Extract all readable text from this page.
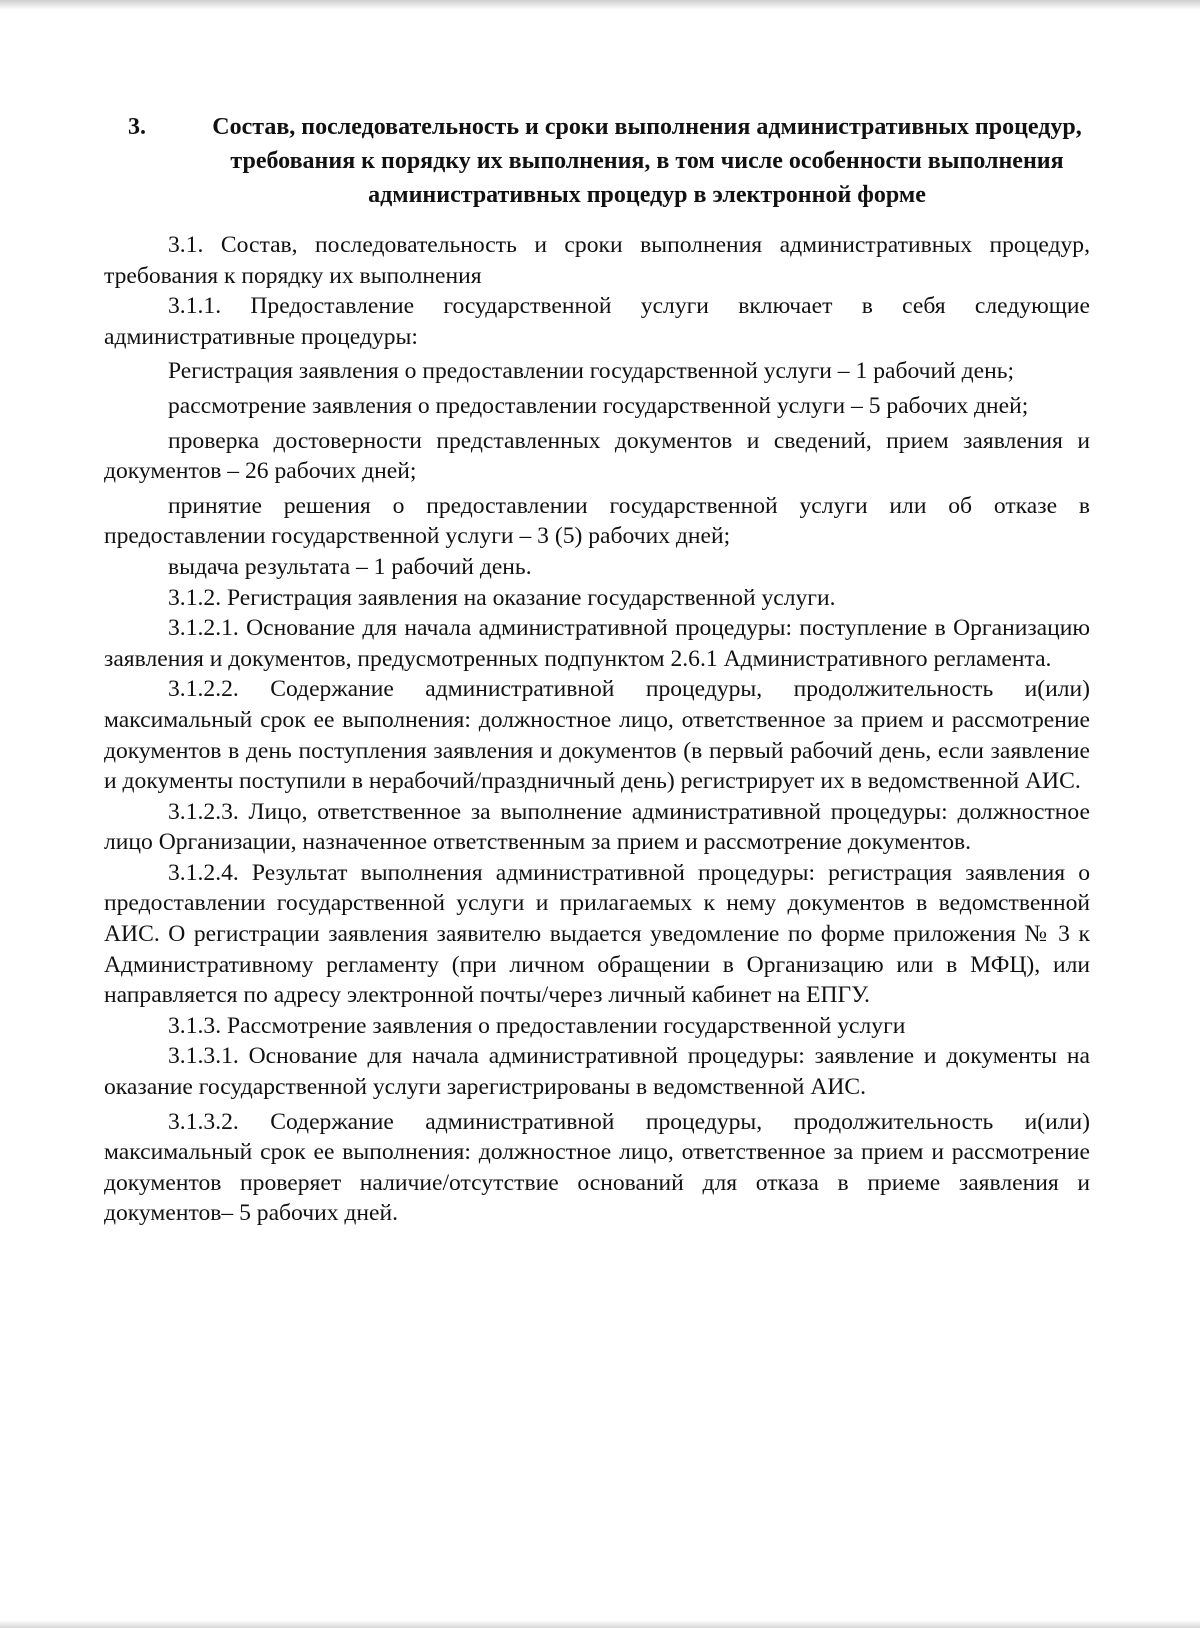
3.	Состав, последовательность и сроки выполнения административных процедур, требования к порядку их выполнения, в том числе особенности выполнения административных процедур в электронной форме

3.1. Состав, последовательность и сроки выполнения административных процедур, требования к порядку их выполнения

3.1.1. Предоставление государственной услуги включает в себя следующие административные процедуры:

Регистрация заявления о предоставлении государственной услуги – 1 рабочий день;

рассмотрение заявления о предоставлении государственной услуги – 5 рабочих дней;

проверка достоверности представленных документов и сведений, прием заявления и документов – 26 рабочих дней;

принятие решения о предоставлении государственной услуги или об отказе в предоставлении государственной услуги – 3 (5) рабочих дней;

выдача результата – 1 рабочий день.

3.1.2. Регистрация заявления на оказание государственной услуги.

3.1.2.1. Основание для начала административной процедуры: поступление в Организацию заявления и документов, предусмотренных подпунктом 2.6.1 Административного регламента.

3.1.2.2. Содержание административной процедуры, продолжительность и(или) максимальный срок ее выполнения: должностное лицо, ответственное за прием и рассмотрение документов в день поступления заявления и документов (в первый рабочий день, если заявление и документы поступили в нерабочий/праздничный день) регистрирует их в ведомственной АИС.

3.1.2.3. Лицо, ответственное за выполнение административной процедуры: должностное лицо Организации, назначенное ответственным за прием и рассмотрение документов.

3.1.2.4. Результат выполнения административной процедуры: регистрация заявления о предоставлении государственной услуги и прилагаемых к нему документов в ведомственной АИС. О регистрации заявления заявителю выдается уведомление по форме приложения № 3 к Административному регламенту (при личном обращении в Организацию или в МФЦ), или направляется по адресу электронной почты/через личный кабинет на ЕПГУ.

3.1.3. Рассмотрение заявления о предоставлении государственной услуги

3.1.3.1. Основание для начала административной процедуры: заявление и документы на оказание государственной услуги зарегистрированы в ведомственной АИС.

3.1.3.2. Содержание административной процедуры, продолжительность и(или) максимальный срок ее выполнения: должностное лицо, ответственное за прием и рассмотрение документов проверяет наличие/отсутствие оснований для отказа в приеме заявления и документов– 5 рабочих дней.
